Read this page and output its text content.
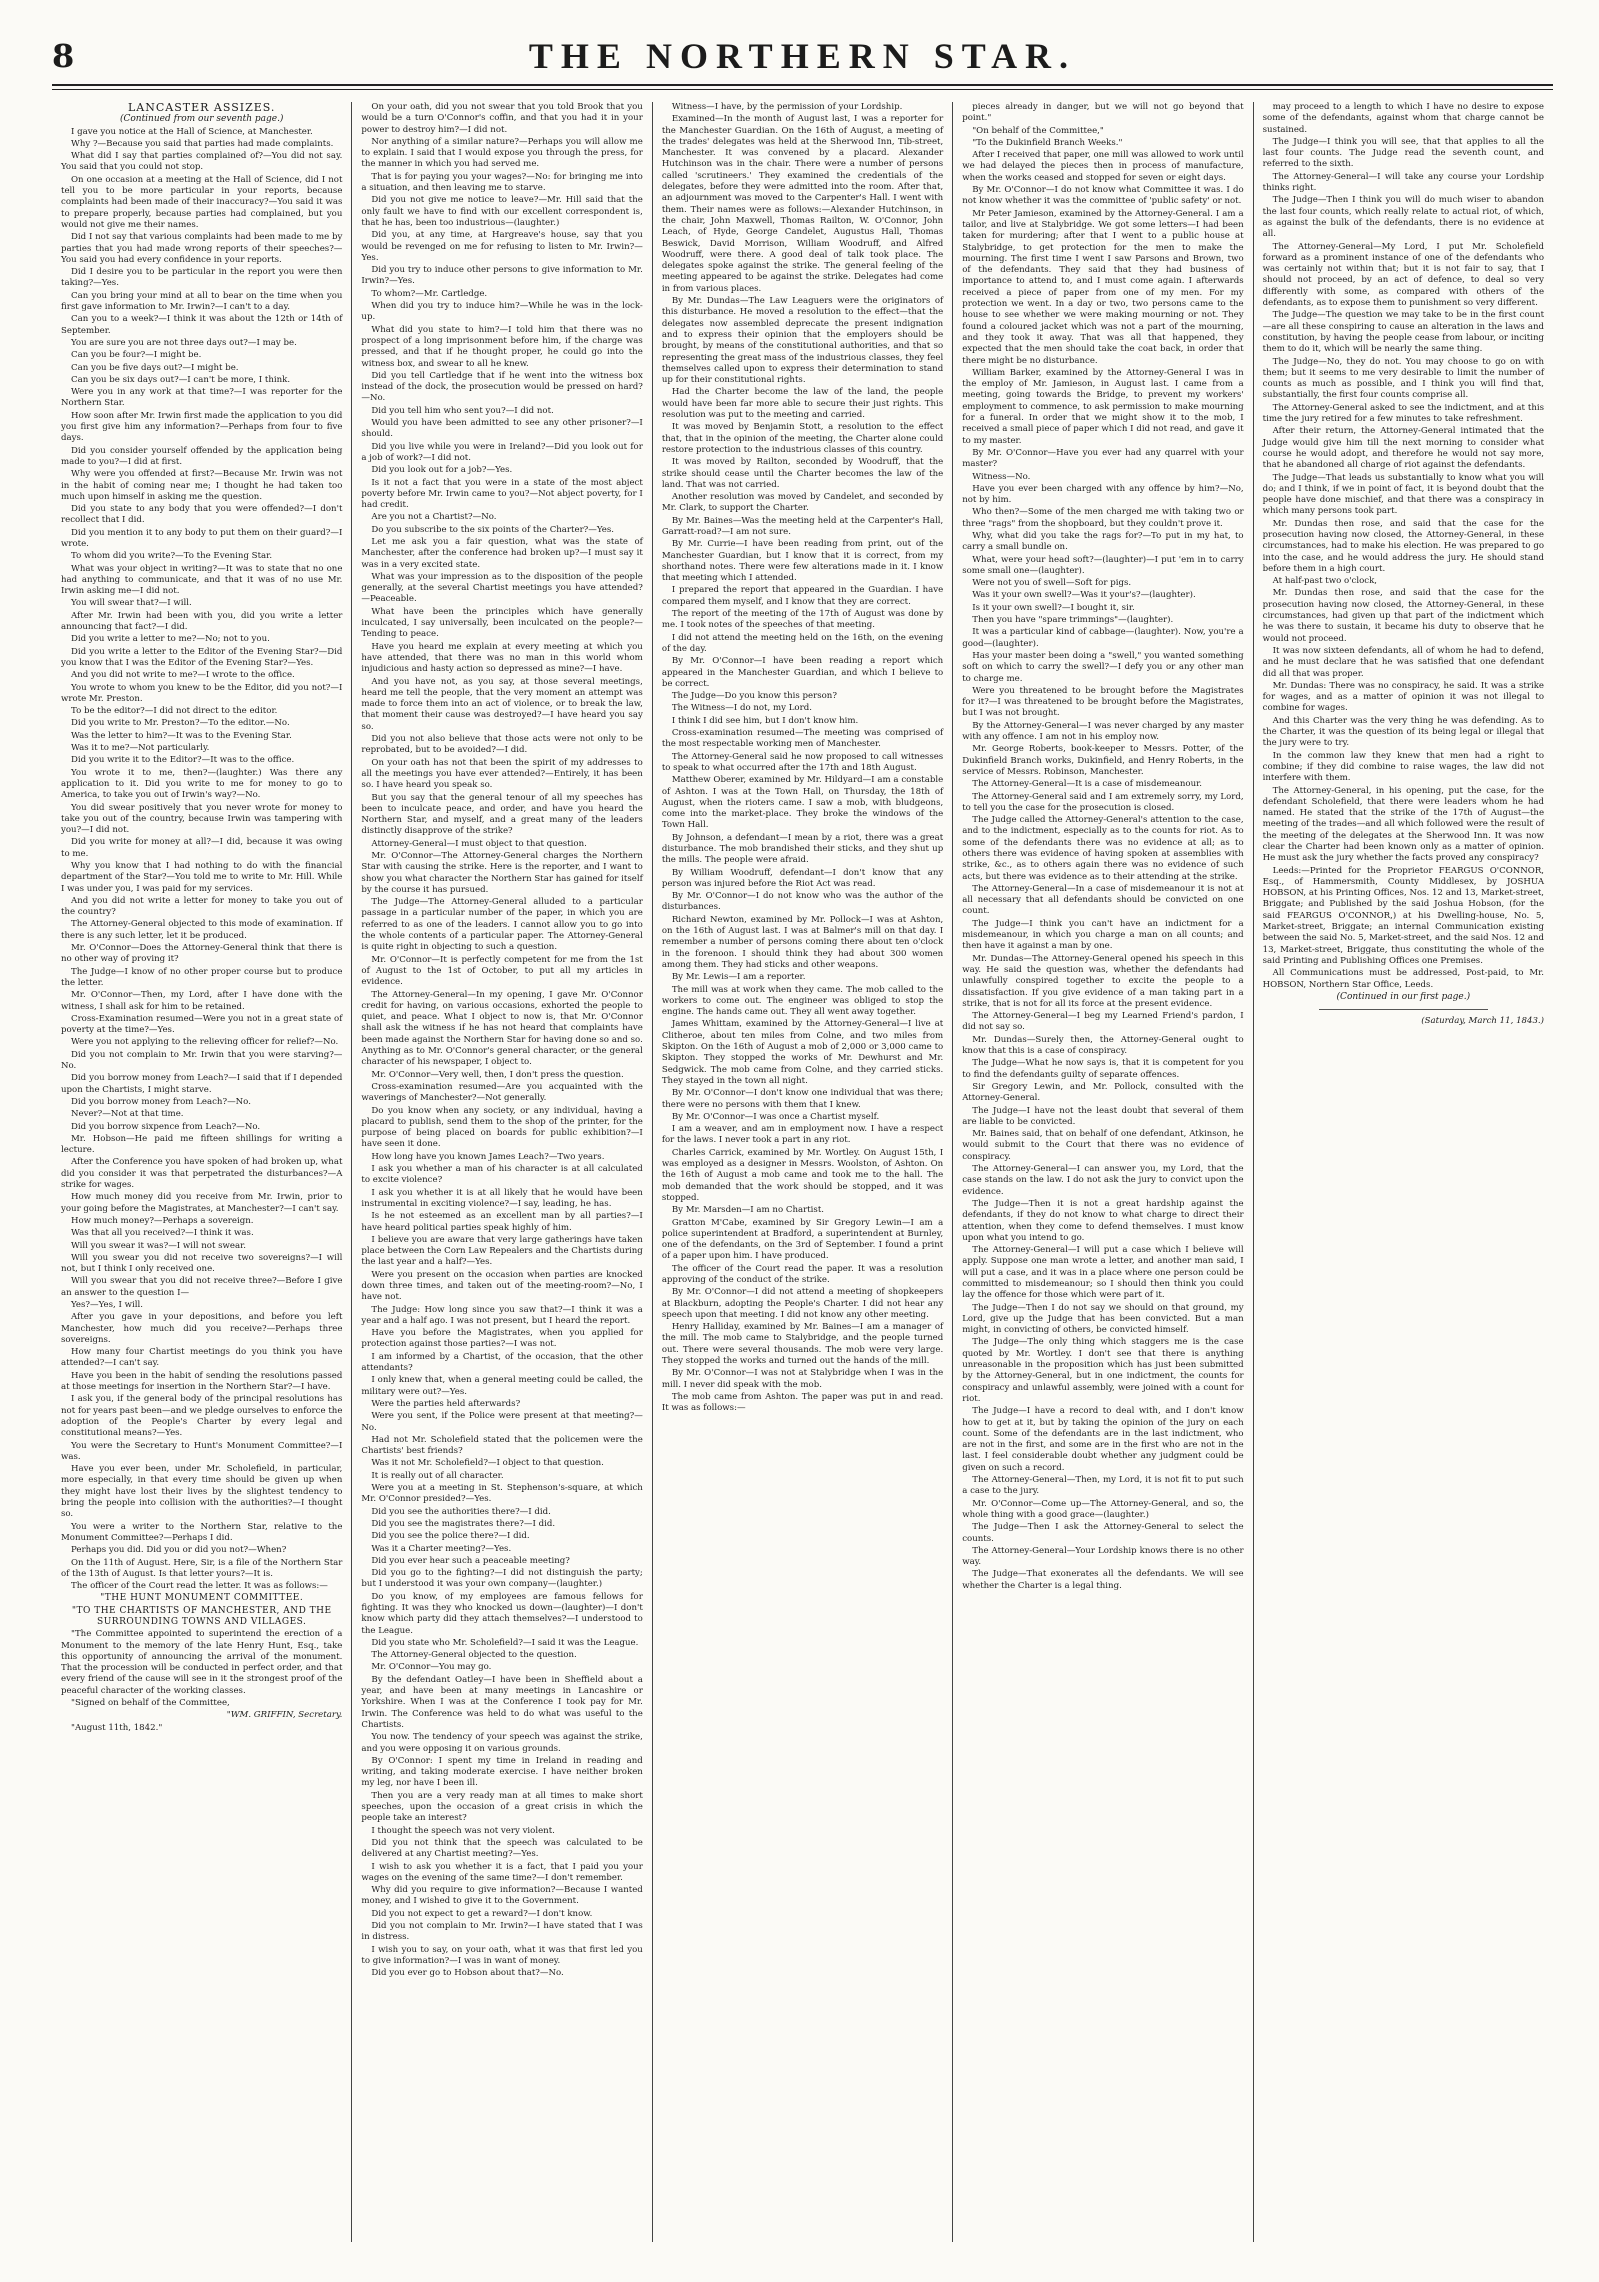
8	THE NORTHERN STAR.

LANCASTER ASSIZES.

(Continued from our seventh page.)

I gave you notice at the Hall of Science, at Manchester.

Why ?—Because you said that parties had made complaints.

What did I say that parties complained of?—You did not say. You said that you could not stop.

On one occasion at a meeting at the Hall of Science, did I not tell you to be more particular in your reports, because complaints had been made of their inaccuracy?—You said it was to prepare properly, because parties had complained, but you would not give me their names.

Did I not say that various complaints had been made to me by parties that you had made wrong reports of their speeches?—You said you had every confidence in your reports.

Did I desire you to be particular in the report you were then taking?—Yes.

Can you bring your mind at all to bear on the time when you first gave information to Mr. Irwin?—I can't to a day.

Can you to a week?—I think it was about the 12th or 14th of September.

You are sure you are not three days out?—I may be.

Can you be four?—I might be.

Can you be five days out?—I might be.

Can you be six days out?—I can't be more, I think.

Were you in any work at that time?—I was reporter for the Northern Star.

How soon after Mr. Irwin first made the application to you did you first give him any information?—Perhaps from four to five days.

Did you consider yourself offended by the application being made to you?—I did at first.

Why were you offended at first?—Because Mr. Irwin was not in the habit of coming near me; I thought he had taken too much upon himself in asking me the question.

Did you state to any body that you were offended?—I don't recollect that I did.

Did you mention it to any body to put them on their guard?—I wrote.

To whom did you write?—To the Evening Star.

What was your object in writing?—It was to state that no one had anything to communicate, and that it was of no use Mr. Irwin asking me—I did not.

You will swear that?—I will.

After Mr. Irwin had been with you, did you write a letter announcing that fact?—I did.

Did you write a letter to me?—No; not to you.

Did you write a letter to the Editor of the Evening Star?—Did you know that I was the Editor of the Evening Star?—Yes.

And you did not write to me?—I wrote to the office.

You wrote to whom you knew to be the Editor, did you not?—I wrote Mr. Preston.

To be the editor?—I did not direct to the editor.

Did you write to Mr. Preston?—To the editor.—No.

Was the letter to him?—It was to the Evening Star.

Was it to me?—Not particularly.

Did you write it to the Editor?—It was to the office.

You wrote it to me, then?—(laughter.) Was there any application to it. Did you write to me for money to go to America, to take you out of Irwin's way?—No.

You did swear positively that you never wrote for money to take you out of the country, because Irwin was tampering with you?—I did not.

Did you write for money at all?—I did, because it was owing to me.

Why you know that I had nothing to do with the financial department of the Star?—You told me to write to Mr. Hill. While I was under you, I was paid for my services.

And you did not write a letter for money to take you out of the country?

The Attorney-General objected to this mode of examination. If there is any such letter, let it be produced.

Mr. O'Connor—Does the Attorney-General think that there is no other way of proving it?

The Judge—I know of no other proper course but to produce the letter.

Mr. O'Connor—Then, my Lord, after I have done with the witness, I shall ask for him to be retained.

Cross-Examination resumed—Were you not in a great state of poverty at the time?—Yes.

Were you not applying to the relieving officer for relief?—No.

Did you not complain to Mr. Irwin that you were starving?—No.

Did you borrow money from Leach?—I said that if I depended upon the Chartists, I might starve.

Did you borrow money from Leach?—No.

Never?—Not at that time.

Did you borrow sixpence from Leach?—No.

Mr. Hobson—He paid me fifteen shillings for writing a lecture.

After the Conference you have spoken of had broken up, what did you consider it was that perpetrated the disturbances?—A strike for wages.

How much money did you receive from Mr. Irwin, prior to your going before the Magistrates, at Manchester?—I can't say.

How much money?—Perhaps a sovereign.

Was that all you received?—I think it was.

Will you swear it was?—I will not swear.

Will you swear you did not receive two sovereigns?—I will not, but I think I only received one.

Will you swear that you did not receive three?—Before I give an answer to the question I—

Yes?—Yes, I will.

After you gave in your depositions, and before you left Manchester, how much did you receive?—Perhaps three sovereigns.

How many four Chartist meetings do you think you have attended?—I can't say.

Have you been in the habit of sending the resolutions passed at those meetings for insertion in the Northern Star?—I have.

I ask you, if the general body of the principal resolutions has not for years past been—and we pledge ourselves to enforce the adoption of the People's Charter by every legal and constitutional means?—Yes.

You were the Secretary to Hunt's Monument Committee?—I was.

Have you ever been, under Mr. Scholefield, in particular, more especially, in that every time should be given up when they might have lost their lives by the slightest tendency to bring the people into collision with the authorities?—I thought so.

You were a writer to the Northern Star, relative to the Monument Committee?—Perhaps I did.

Perhaps you did. Did you or did you not?—When?

On the 11th of August. Here, Sir, is a file of the Northern Star of the 13th of August. Is that letter yours?—It is.

The officer of the Court read the letter. It was as follows:—

"THE HUNT MONUMENT COMMITTEE.

"TO THE CHARTISTS OF MANCHESTER, AND THE SURROUNDING TOWNS AND VILLAGES.

"The Committee appointed to superintend the erection of a Monument to the memory of the late Henry Hunt, Esq., take this opportunity of announcing the arrival of the monument. That the procession will be conducted in perfect order, and that every friend of the cause will see in it the strongest proof of the peaceful character of the working classes.

"Signed on behalf of the Committee,

"WM. GRIFFIN, Secretary.

"August 11th, 1842."

On your oath, did you not swear that you told Brook that you would be a turn O'Connor's coffin, and that you had it in your power to destroy him?—I did not.

Nor anything of a similar nature?—Perhaps you will allow me to explain. I said that I would expose you through the press, for the manner in which you had served me.

That is for paying you your wages?—No: for bringing me into a situation, and then leaving me to starve.

Did you not give me notice to leave?—Mr. Hill said that the only fault we have to find with our excellent correspondent is, that he has, been too industrious—(laughter.)

Did you, at any time, at Hargreave's house, say that you would be revenged on me for refusing to listen to Mr. Irwin?—Yes.

Did you try to induce other persons to give information to Mr. Irwin?—Yes.

To whom?—Mr. Cartledge.

When did you try to induce him?—While he was in the lock-up.

What did you state to him?—I told him that there was no prospect of a long imprisonment before him, if the charge was pressed, and that if he thought proper, he could go into the witness box, and swear to all he knew.

Did you tell Cartledge that if he went into the witness box instead of the dock, the prosecution would be pressed on hard?—No.

Did you tell him who sent you?—I did not.

Would you have been admitted to see any other prisoner?—I should.

Did you live while you were in Ireland?—Did you look out for a job of work?—I did not.

Did you look out for a job?—Yes.

Is it not a fact that you were in a state of the most abject poverty before Mr. Irwin came to you?—Not abject poverty, for I had credit.

Are you not a Chartist?—No.

Do you subscribe to the six points of the Charter?—Yes.

Let me ask you a fair question, what was the state of Manchester, after the conference had broken up?—I must say it was in a very excited state.

What was your impression as to the disposition of the people generally, at the several Chartist meetings you have attended?—Peaceable.

What have been the principles which have generally inculcated, I say universally, been inculcated on the people?—Tending to peace.

Have you heard me explain at every meeting at which you have attended, that there was no man in this world whom injudicious and hasty action so depressed as mine?—I have.

And you have not, as you say, at those several meetings, heard me tell the people, that the very moment an attempt was made to force them into an act of violence, or to break the law, that moment their cause was destroyed?—I have heard you say so.

Did you not also believe that those acts were not only to be reprobated, but to be avoided?—I did.

On your oath has not that been the spirit of my addresses to all the meetings you have ever attended?—Entirely, it has been so. I have heard you speak so.

But you say that the general tenour of all my speeches has been to inculcate peace, and order, and have you heard the Northern Star, and myself, and a great many of the leaders distinctly disapprove of the strike?

Attorney-General—I must object to that question.

Mr. O'Connor—The Attorney-General charges the Northern Star with causing the strike. Here is the reporter, and I want to show you what character the Northern Star has gained for itself by the course it has pursued.

The Judge—The Attorney-General alluded to a particular passage in a particular number of the paper, in which you are referred to as one of the leaders. I cannot allow you to go into the whole contents of a particular paper. The Attorney-General is quite right in objecting to such a question.

Mr. O'Connor—It is perfectly competent for me from the 1st of August to the 1st of October, to put all my articles in evidence.

The Attorney-General—In my opening, I gave Mr. O'Connor credit for having, on various occasions, exhorted the people to quiet, and peace. What I object to now is, that Mr. O'Connor shall ask the witness if he has not heard that complaints have been made against the Northern Star for having done so and so. Anything as to Mr. O'Connor's general character, or the general character of his newspaper, I object to.

Mr. O'Connor—Very well, then, I don't press the question.

Cross-examination resumed—Are you acquainted with the waverings of Manchester?—Not generally.

Do you know when any society, or any individual, having a placard to publish, send them to the shop of the printer, for the purpose of being placed on boards for public exhibition?—I have seen it done.

How long have you known James Leach?—Two years.

I ask you whether a man of his character is at all calculated to excite violence?

I ask you whether it is at all likely that he would have been instrumental in exciting violence?—I say, leading, he has.

Is he not esteemed as an excellent man by all parties?—I have heard political parties speak highly of him.

I believe you are aware that very large gatherings have taken place between the Corn Law Repealers and the Chartists during the last year and a half?—Yes.

Were you present on the occasion when parties are knocked down three times, and taken out of the meeting-room?—No, I have not.

The Judge: How long since you saw that?—I think it was a year and a half ago. I was not present, but I heard the report.

Have you before the Magistrates, when you applied for protection against those parties?—I was not.

I am informed by a Chartist, of the occasion, that the other attendants?

I only knew that, when a general meeting could be called, the military were out?—Yes.

Were the parties held afterwards?

Were you sent, if the Police were present at that meeting?—No.

Had not Mr. Scholefield stated that the policemen were the Chartists' best friends?

Was it not Mr. Scholefield?—I object to that question.

It is really out of all character.

Were you at a meeting in St. Stephenson's-square, at which Mr. O'Connor presided?—Yes.

Did you see the authorities there?—I did.

Did you see the magistrates there?—I did.

Did you see the police there?—I did.

Was it a Charter meeting?—Yes.

Did you ever hear such a peaceable meeting?

Did you go to the fighting?—I did not distinguish the party; but I understood it was your own company—(laughter.)

Do you know, of my employees are famous fellows for fighting. It was they who knocked us down—(laughter)—I don't know which party did they attach themselves?—I understood to the League.

Did you state who Mr. Scholefield?—I said it was the League.

The Attorney-General objected to the question.

Mr. O'Connor—You may go.

By the defendant Oatley—I have been in Sheffield about a year, and have been at many meetings in Lancashire or Yorkshire. When I was at the Conference I took pay for Mr. Irwin. The Conference was held to do what was useful to the Chartists.

You now. The tendency of your speech was against the strike, and you were opposing it on various grounds.

By O'Connor: I spent my time in Ireland in reading and writing, and taking moderate exercise. I have neither broken my leg, nor have I been ill.

Then you are a very ready man at all times to make short speeches, upon the occasion of a great crisis in which the people take an interest?

I thought the speech was not very violent.

Did you not think that the speech was calculated to be delivered at any Chartist meeting?—Yes.

I wish to ask you whether it is a fact, that I paid you your wages on the evening of the same time?—I don't remember.

Why did you require to give information?—Because I wanted money, and I wished to give it to the Government.

Did you not expect to get a reward?—I don't know.

Did you not complain to Mr. Irwin?—I have stated that I was in distress.

I wish you to say, on your oath, what it was that first led you to give information?—I was in want of money.

Did you ever go to Hobson about that?—No.

Witness—I have, by the permission of your Lordship.

Examined—In the month of August last, I was a reporter for the Manchester Guardian. On the 16th of August, a meeting of the trades' delegates was held at the Sherwood Inn, Tib-street, Manchester. It was convened by a placard. Alexander Hutchinson was in the chair. There were a number of persons called 'scrutineers.' They examined the credentials of the delegates, before they were admitted into the room. After that, an adjournment was moved to the Carpenter's Hall. I went with them. Their names were as follows:—Alexander Hutchinson, in the chair, John Maxwell, Thomas Railton, W. O'Connor, John Leach, of Hyde, George Candelet, Augustus Hall, Thomas Beswick, David Morrison, William Woodruff, and Alfred Woodruff, were there. A good deal of talk took place. The delegates spoke against the strike. The general feeling of the meeting appeared to be against the strike. Delegates had come in from various places.

By Mr. Dundas—The Law Leaguers were the originators of this disturbance. He moved a resolution to the effect—that the delegates now assembled deprecate the present indignation and to express their opinion that the employers should be brought, by means of the constitutional authorities, and that so representing the great mass of the industrious classes, they feel themselves called upon to express their determination to stand up for their constitutional rights.

Had the Charter become the law of the land, the people would have been far more able to secure their just rights. This resolution was put to the meeting and carried.

It was moved by Benjamin Stott, a resolution to the effect that, that in the opinion of the meeting, the Charter alone could restore protection to the industrious classes of this country.

It was moved by Railton, seconded by Woodruff, that the strike should cease until the Charter becomes the law of the land. That was not carried.

Another resolution was moved by Candelet, and seconded by Mr. Clark, to support the Charter.

By Mr. Baines—Was the meeting held at the Carpenter's Hall, Garratt-road?—I am not sure.

By Mr. Currie—I have been reading from print, out of the Manchester Guardian, but I know that it is correct, from my shorthand notes. There were few alterations made in it. I know that meeting which I attended.

I prepared the report that appeared in the Guardian. I have compared them myself, and I know that they are correct.

The report of the meeting of the 17th of August was done by me. I took notes of the speeches of that meeting.

I did not attend the meeting held on the 16th, on the evening of the day.

By Mr. O'Connor—I have been reading a report which appeared in the Manchester Guardian, and which I believe to be correct.

The Judge—Do you know this person?

The Witness—I do not, my Lord.

I think I did see him, but I don't know him.

Cross-examination resumed—The meeting was comprised of the most respectable working men of Manchester.

The Attorney-General said he now proposed to call witnesses to speak to what occurred after the 17th and 18th August.

Matthew Oberer, examined by Mr. Hildyard—I am a constable of Ashton. I was at the Town Hall, on Thursday, the 18th of August, when the rioters came. I saw a mob, with bludgeons, come into the market-place. They broke the windows of the Town Hall.

By Johnson, a defendant—I mean by a riot, there was a great disturbance. The mob brandished their sticks, and they shut up the mills. The people were afraid.

By William Woodruff, defendant—I don't know that any person was injured before the Riot Act was read.

By Mr. O'Connor—I do not know who was the author of the disturbances.

Richard Newton, examined by Mr. Pollock—I was at Ashton, on the 16th of August last. I was at Balmer's mill on that day. I remember a number of persons coming there about ten o'clock in the forenoon. I should think they had about 300 women among them. They had sticks and other weapons.

By Mr. Lewis—I am a reporter.

The mill was at work when they came. The mob called to the workers to come out. The engineer was obliged to stop the engine. The hands came out. They all went away together.

James Whittam, examined by the Attorney-General—I live at Clitheroe, about ten miles from Colne, and two miles from Skipton. On the 16th of August a mob of 2,000 or 3,000 came to Skipton. They stopped the works of Mr. Dewhurst and Mr. Sedgwick. The mob came from Colne, and they carried sticks. They stayed in the town all night.

By Mr. O'Connor—I don't know one individual that was there; there were no persons with them that I knew.

By Mr. O'Connor—I was once a Chartist myself.

I am a weaver, and am in employment now. I have a respect for the laws. I never took a part in any riot.

Charles Carrick, examined by Mr. Wortley. On August 15th, I was employed as a designer in Messrs. Woolston, of Ashton. On the 16th of August a mob came and took me to the hall. The mob demanded that the work should be stopped, and it was stopped.

By Mr. Marsden—I am no Chartist.

Gratton M'Cabe, examined by Sir Gregory Lewin—I am a police superintendent at Bradford, a superintendent at Burnley, one of the defendants, on the 3rd of September. I found a print of a paper upon him. I have produced.

The officer of the Court read the paper. It was a resolution approving of the conduct of the strike.

By Mr. O'Connor—I did not attend a meeting of shopkeepers at Blackburn, adopting the People's Charter. I did not hear any speech upon that meeting. I did not know any other meeting.

Henry Halliday, examined by Mr. Baines—I am a manager of the mill. The mob came to Stalybridge, and the people turned out. There were several thousands. The mob were very large. They stopped the works and turned out the hands of the mill.

By Mr. O'Connor—I was not at Stalybridge when I was in the mill. I never did speak with the mob.

The mob came from Ashton. The paper was put in and read. It was as follows:—

pieces already in danger, but we will not go beyond that point."

"On behalf of the Committee,"

"To the Dukinfield Branch Weeks."

After I received that paper, one mill was allowed to work until we had delayed the pieces then in process of manufacture, when the works ceased and stopped for seven or eight days.

By Mr. O'Connor—I do not know what Committee it was. I do not know whether it was the committee of 'public safety' or not.

Mr Peter Jamieson, examined by the Attorney-General. I am a tailor, and live at Stalybridge. We got some letters—I had been taken for murdering; after that I went to a public house at Stalybridge, to get protection for the men to make the mourning. The first time I went I saw Parsons and Brown, two of the defendants. They said that they had business of importance to attend to, and I must come again. I afterwards received a piece of paper from one of my men. For my protection we went. In a day or two, two persons came to the house to see whether we were making mourning or not. They found a coloured jacket which was not a part of the mourning, and they took it away. That was all that happened, they expected that the men should take the coat back, in order that there might be no disturbance.

William Barker, examined by the Attorney-General I was in the employ of Mr. Jamieson, in August last. I came from a meeting, going towards the Bridge, to prevent my workers' employment to commence, to ask permission to make mourning for a funeral. In order that we might show it to the mob, I received a small piece of paper which I did not read, and gave it to my master.

By Mr. O'Connor—Have you ever had any quarrel with your master?

Witness—No.

Have you ever been charged with any offence by him?—No, not by him.

Who then?—Some of the men charged me with taking two or three "rags" from the shopboard, but they couldn't prove it.

Why, what did you take the rags for?—To put in my hat, to carry a small bundle on.

What, were your head soft?—(laughter)—I put 'em in to carry some small one—(laughter).

Were not you of swell—Soft for pigs.

Was it your own swell?—Was it your's?—(laughter).

Is it your own swell?—I bought it, sir.

Then you have "spare trimmings"—(laughter).

It was a particular kind of cabbage—(laughter). Now, you're a good—(laughter).

Has your master been doing a "swell," you wanted something soft on which to carry the swell?—I defy you or any other man to charge me.

Were you threatened to be brought before the Magistrates for it?—I was threatened to be brought before the Magistrates, but I was not brought.

By the Attorney-General—I was never charged by any master with any offence. I am not in his employ now.

Mr. George Roberts, book-keeper to Messrs. Potter, of the Dukinfield Branch works, Dukinfield, and Henry Roberts, in the service of Messrs. Robinson, Manchester.

The Attorney-General—It is a case of misdemeanour.

The Attorney-General said and I am extremely sorry, my Lord, to tell you the case for the prosecution is closed.

The Judge called the Attorney-General's attention to the case, and to the indictment, especially as to the counts for riot. As to some of the defendants there was no evidence at all; as to others there was evidence of having spoken at assemblies with strike, &c., as to others again there was no evidence of such acts, but there was evidence as to their attending at the strike.

The Attorney-General—In a case of misdemeanour it is not at all necessary that all defendants should be convicted on one count.

The Judge—I think you can't have an indictment for a misdemeanour, in which you charge a man on all counts; and then have it against a man by one.

Mr. Dundas—The Attorney-General opened his speech in this way. He said the question was, whether the defendants had unlawfully conspired together to excite the people to a dissatisfaction. If you give evidence of a man taking part in a strike, that is not for all its force at the present evidence.

The Attorney-General—I beg my Learned Friend's pardon, I did not say so.

Mr. Dundas—Surely then, the Attorney-General ought to know that this is a case of conspiracy.

The Judge—What he now says is, that it is competent for you to find the defendants guilty of separate offences.

Sir Gregory Lewin, and Mr. Pollock, consulted with the Attorney-General.

The Judge—I have not the least doubt that several of them are liable to be convicted.

Mr. Baines said, that on behalf of one defendant, Atkinson, he would submit to the Court that there was no evidence of conspiracy.

The Attorney-General—I can answer you, my Lord, that the case stands on the law. I do not ask the jury to convict upon the evidence.

The Judge—Then it is not a great hardship against the defendants, if they do not know to what charge to direct their attention, when they come to defend themselves. I must know upon what you intend to go.

The Attorney-General—I will put a case which I believe will apply. Suppose one man wrote a letter, and another man said, I will put a case, and it was in a place where one person could be committed to misdemeanour; so I should then think you could lay the offence for those which were part of it.

The Judge—Then I do not say we should on that ground, my Lord, give up the Judge that has been convicted. But a man might, in convicting of others, be convicted himself.

The Judge—The only thing which staggers me is the case quoted by Mr. Wortley. I don't see that there is anything unreasonable in the proposition which has just been submitted by the Attorney-General, but in one indictment, the counts for conspiracy and unlawful assembly, were joined with a count for riot.

The Judge—I have a record to deal with, and I don't know how to get at it, but by taking the opinion of the jury on each count. Some of the defendants are in the last indictment, who are not in the first, and some are in the first who are not in the last. I feel considerable doubt whether any judgment could be given on such a record.

The Attorney-General—Then, my Lord, it is not fit to put such a case to the jury.

Mr. O'Connor—Come up—The Attorney-General, and so, the whole thing with a good grace—(laughter.)

The Judge—Then I ask the Attorney-General to select the counts.

The Attorney-General—Your Lordship knows there is no other way.

The Judge—That exonerates all the defendants. We will see whether the Charter is a legal thing.

may proceed to a length to which I have no desire to expose some of the defendants, against whom that charge cannot be sustained.

The Judge—I think you will see, that that applies to all the last four counts. The Judge read the seventh count, and referred to the sixth.

The Attorney-General—I will take any course your Lordship thinks right.

The Judge—Then I think you will do much wiser to abandon the last four counts, which really relate to actual riot, of which, as against the bulk of the defendants, there is no evidence at all.

The Attorney-General—My Lord, I put Mr. Scholefield forward as a prominent instance of one of the defendants who was certainly not within that; but it is not fair to say, that I should not proceed, by an act of defence, to deal so very differently with some, as compared with others of the defendants, as to expose them to punishment so very different.

The Judge—The question we may take to be in the first count—are all these conspiring to cause an alteration in the laws and constitution, by having the people cease from labour, or inciting them to do it, which will be nearly the same thing.

The Judge—No, they do not. You may choose to go on with them; but it seems to me very desirable to limit the number of counts as much as possible, and I think you will find that, substantially, the first four counts comprise all.

The Attorney-General asked to see the indictment, and at this time the jury retired for a few minutes to take refreshment.

After their return, the Attorney-General intimated that the Judge would give him till the next morning to consider what course he would adopt, and therefore he would not say more, that he abandoned all charge of riot against the defendants.

The Judge—That leads us substantially to know what you will do; and I think, if we in point of fact, it is beyond doubt that the people have done mischief, and that there was a conspiracy in which many persons took part.

Mr. Dundas then rose, and said that the case for the prosecution having now closed, the Attorney-General, in these circumstances, had to make his election. He was prepared to go into the case, and he would address the jury. He should stand before them in a high court.

At half-past two o'clock,

Mr. Dundas then rose, and said that the case for the prosecution having now closed, the Attorney-General, in these circumstances, had given up that part of the indictment which he was there to sustain, it became his duty to observe that he would not proceed.

It was now sixteen defendants, all of whom he had to defend, and he must declare that he was satisfied that one defendant did all that was proper.

Mr. Dundas: There was no conspiracy, he said. It was a strike for wages, and as a matter of opinion it was not illegal to combine for wages.

And this Charter was the very thing he was defending. As to the Charter, it was the question of its being legal or illegal that the jury were to try.

In the common law they knew that men had a right to combine; if they did combine to raise wages, the law did not interfere with them.

The Attorney-General, in his opening, put the case, for the defendant Scholefield, that there were leaders whom he had named. He stated that the strike of the 17th of August—the meeting of the trades—and all which followed were the result of the meeting of the delegates at the Sherwood Inn. It was now clear the Charter had been known only as a matter of opinion. He must ask the jury whether the facts proved any conspiracy?

Leeds:—Printed for the Proprietor FEARGUS O'CONNOR, Esq., of Hammersmith, County Middlesex, by JOSHUA HOBSON, at his Printing Offices, Nos. 12 and 13, Market-street, Briggate; and Published by the said Joshua Hobson, (for the said FEARGUS O'CONNOR,) at his Dwelling-house, No. 5, Market-street, Briggate; an internal Communication existing between the said No. 5, Market-street, and the said Nos. 12 and 13, Market-street, Briggate, thus constituting the whole of the said Printing and Publishing Offices one Premises.

All Communications must be addressed, Post-paid, to Mr. HOBSON, Northern Star Office, Leeds.

(Continued in our first page.)

(Saturday, March 11, 1843.)
